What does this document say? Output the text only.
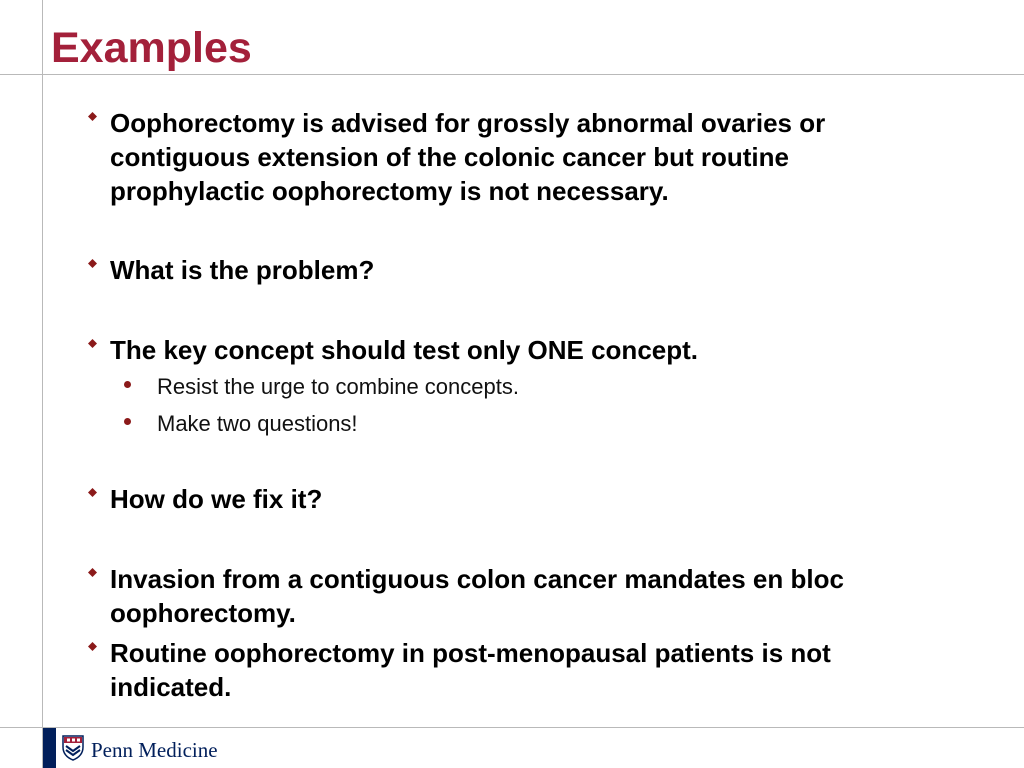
Examples
Oophorectomy is advised for grossly abnormal ovaries or contiguous extension of the colonic cancer but routine prophylactic oophorectomy is not necessary.
What is the problem?
The key concept should test only ONE concept.
Resist the urge to combine concepts.
Make two questions!
How do we fix it?
Invasion from a contiguous colon cancer mandates en bloc oophorectomy.
Routine oophorectomy in post-menopausal patients is not indicated.
Penn Medicine
